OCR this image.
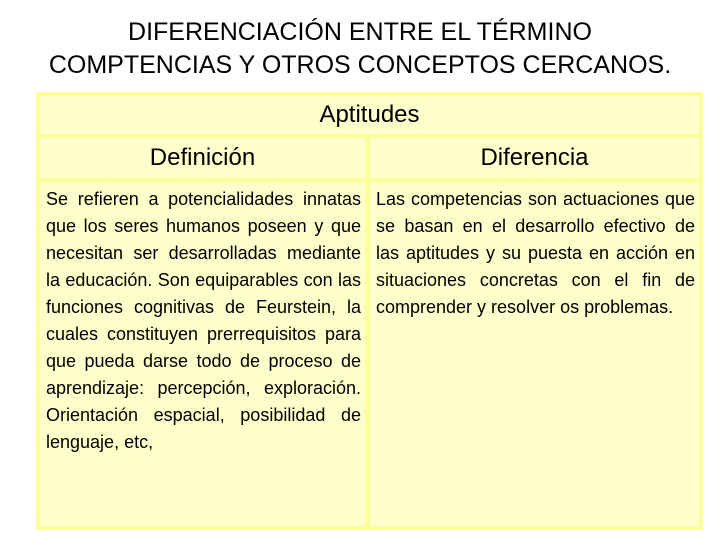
DIFERENCIACIÓN ENTRE EL TÉRMINO
COMPTENCIAS Y OTROS CONCEPTOS CERCANOS.
Aptitudes
Definición	Diferencia

Se refieren a potencialidades innatas que los seres humanos poseen y que necesitan ser desarrolladas mediante la educación. Son equiparables con las funciones cognitivas de Feurstein, la cuales constituyen prerrequisitos para que pueda darse todo de proceso de aprendizaje: percepción, exploración. Orientación espacial, posibilidad de lenguaje, etc,

Las competencias son actuaciones que se basan en el desarrollo efectivo de las aptitudes y su puesta en acción en situaciones concretas con el fin de comprender y resolver os problemas.
